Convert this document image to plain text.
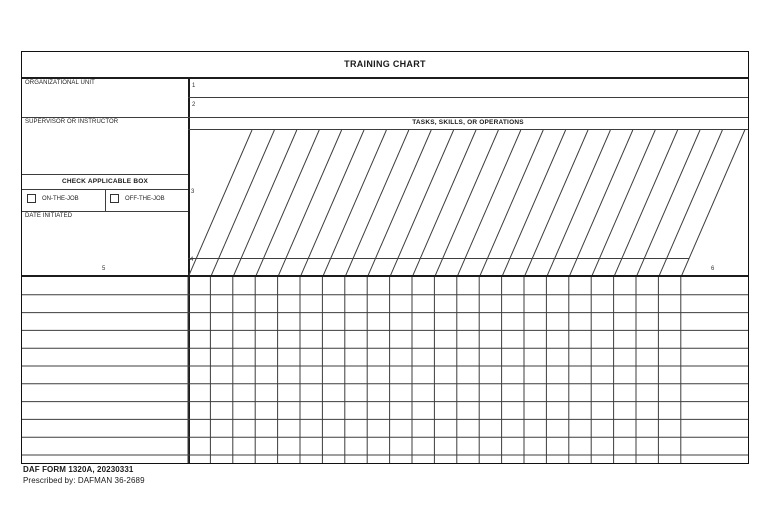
TRAINING CHART
ORGANIZATIONAL UNIT	1
2
SUPERVISOR OR INSTRUCTOR	TASKS, SKILLS, OR OPERATIONS
3
4
6
CHECK APPLICABLE BOX
ON-THE-JOB	OFF-THE-JOB
DATE INITIATED
5
DAF FORM 1320A, 20230331
Prescribed by: DAFMAN 36-2689
